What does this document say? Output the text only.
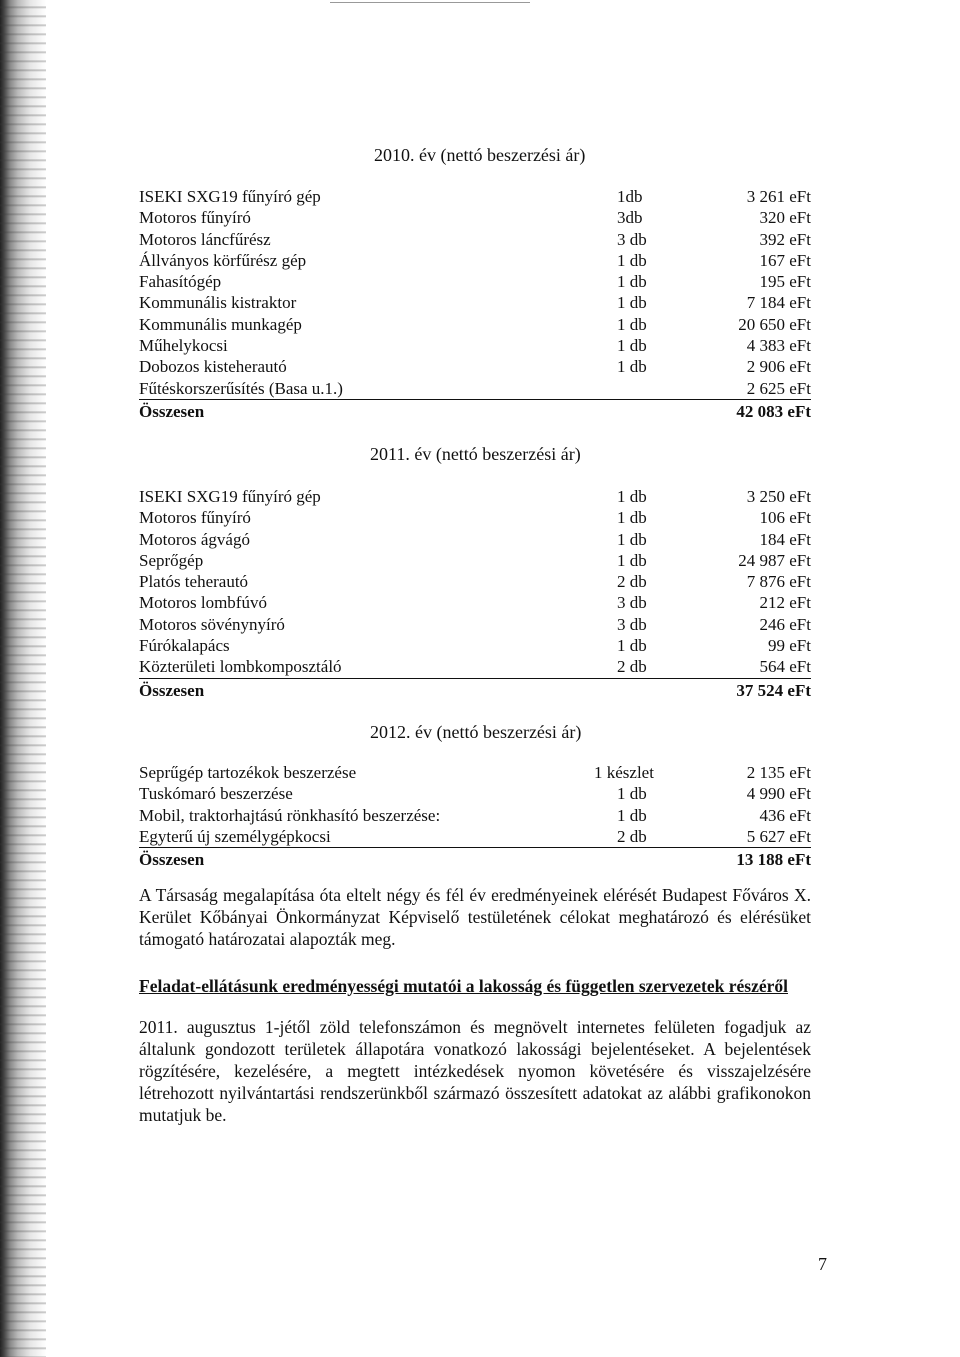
2010. év (nettó beszerzési ár)
ISEKI SXG19 fűnyíró gép	1db	3 261 eFt
Motoros fűnyíró	3db	320 eFt
Motoros láncfűrész	3 db	392 eFt
Állványos körfűrész gép	1 db	167 eFt
Fahasítógép	1 db	195 eFt
Kommunális kistraktor	1 db	7 184 eFt
Kommunális munkagép	1 db	20 650 eFt
Műhelykocsi	1 db	4 383 eFt
Dobozos kisteherautó	1 db	2 906 eFt
Fűtéskorszerűsítés (Basa u.1.)	2 625 eFt
Összesen	42 083 eFt
2011. év (nettó beszerzési ár)
ISEKI SXG19 fűnyíró gép	1 db	3 250 eFt
Motoros fűnyíró	1 db	106 eFt
Motoros ágvágó	1 db	184 eFt
Seprőgép	1 db	24 987 eFt
Platós teherautó	2 db	7 876 eFt
Motoros lombfúvó	3 db	212 eFt
Motoros sövénynyíró	3 db	246 eFt
Fúrókalapács	1 db	99 eFt
Közterületi lombkomposztáló	2 db	564 eFt
Összesen	37 524 eFt
2012. év (nettó beszerzési ár)
Seprűgép tartozékok beszerzése	1 készlet	2 135 eFt
Tuskómaró beszerzése	1 db	4 990 eFt
Mobil, traktorhajtású rönkhasító beszerzése:	1 db	436 eFt
Egyterű új személygépkocsi	2 db	5 627 eFt
Összesen	13 188 eFt
A Társaság megalapítása óta eltelt négy és fél év eredményeinek elérését Budapest Főváros X. Kerület Kőbányai Önkormányzat Képviselő testületének célokat meghatározó és elérésüket támogató határozatai alapozták meg.
Feladat-ellátásunk eredményességi mutatói a lakosság és független szervezetek részéről
2011. augusztus 1-jétől zöld telefonszámon és megnövelt internetes felületen fogadjuk az általunk gondozott területek állapotára vonatkozó lakossági bejelentéseket. A bejelentések rögzítésére, kezelésére, a megtett intézkedések nyomon követésére és visszajelzésére létrehozott nyilvántartási rendszerünkből származó összesített adatokat az alábbi grafikonokon mutatjuk be.
7
